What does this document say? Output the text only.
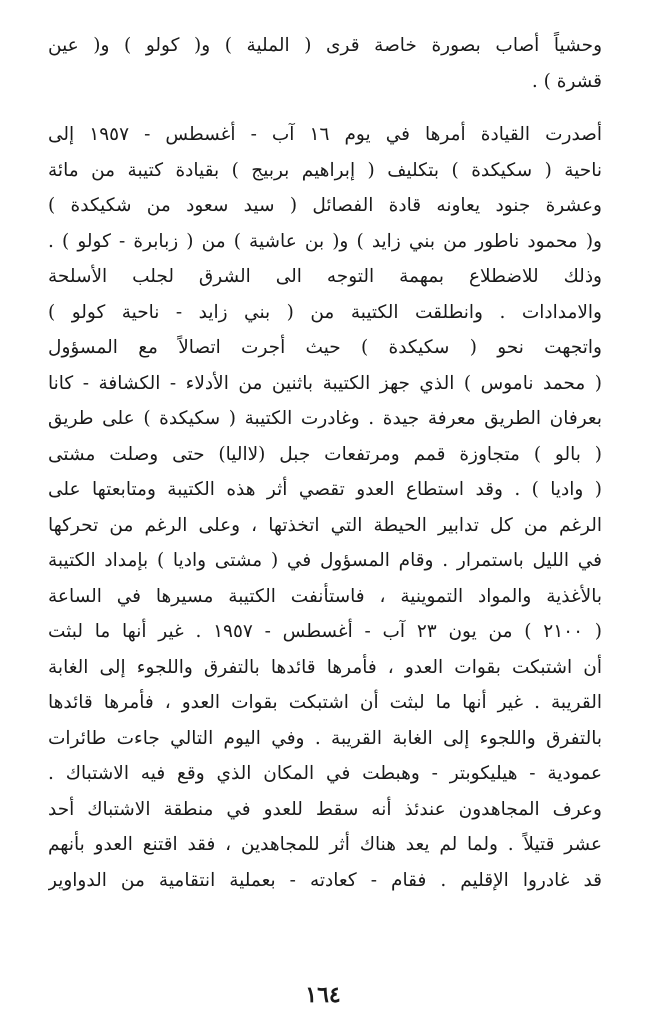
وحشياً أصاب بصورة خاصة قرى ( الملية ) و( كولو ) و( عين
قشرة ) .
أصدرت القيادة أمرها في يوم ١٦ آب - أغسطس - ١٩٥٧ إلى
ناحية ( سكيكدة ) بتكليف ( إبراهيم بربيج ) بقيادة كتيبة من مائة
وعشرة جنود يعاونه قادة الفصائل ( سيد سعود من شكيكدة )
و( محمود ناطور من بني زايد ) و( بن عاشية ) من ( زبابرة - كولو ) .
وذلك للاضطلاع بمهمة التوجه الى الشرق لجلب الأسلحة
والامدادات . وانطلقت الكتيبة من ( بني زايد - ناحية كولو )
واتجهت نحو ( سكيكدة ) حيث أجرت اتصالاً مع المسؤول
( محمد ناموس ) الذي جهز الكتيبة باثنين من الأدلاء - الكشافة - كانا
بعرفان الطريق معرفة جيدة . وغادرت الكتيبة ( سكيكدة ) على طريق
( بالو ) متجاوزة قمم ومرتفعات جبل (لااليا) حتى وصلت مشتى
( واديا ) . وقد استطاع العدو تقصي أثر هذه الكتيبة ومتابعتها على
الرغم من كل تدابير الحيطة التي اتخذتها ، وعلى الرغم من تحركها
في الليل باستمرار . وقام المسؤول في ( مشتى واديا ) بإمداد الكتيبة
بالأغذية والمواد التموينية ، فاستأنفت الكتيبة مسيرها في الساعة
( ٢١٠٠ ) من يون ٢٣ آب - أغسطس - ١٩٥٧ . غير أنها ما لبثت
أن اشتبكت بقوات العدو ، فأمرها قائدها بالتفرق واللجوء إلى الغابة
القريبة . غير أنها ما لبثت أن اشتبكت بقوات العدو ، فأمرها قائدها
بالتفرق واللجوء إلى الغابة القريبة . وفي اليوم التالي جاءت طائرات
عمودية - هيليكوبتر - وهبطت في المكان الذي وقع فيه الاشتباك .
وعرف المجاهدون عندئذ أنه سقط للعدو في منطقة الاشتباك أحد
عشر قتيلاً . ولما لم يعد هناك أثر للمجاهدين ، فقد اقتنع العدو بأنهم
قد غادروا الإقليم . فقام - كعادته - بعملية انتقامية من الدواوير
١٦٤
